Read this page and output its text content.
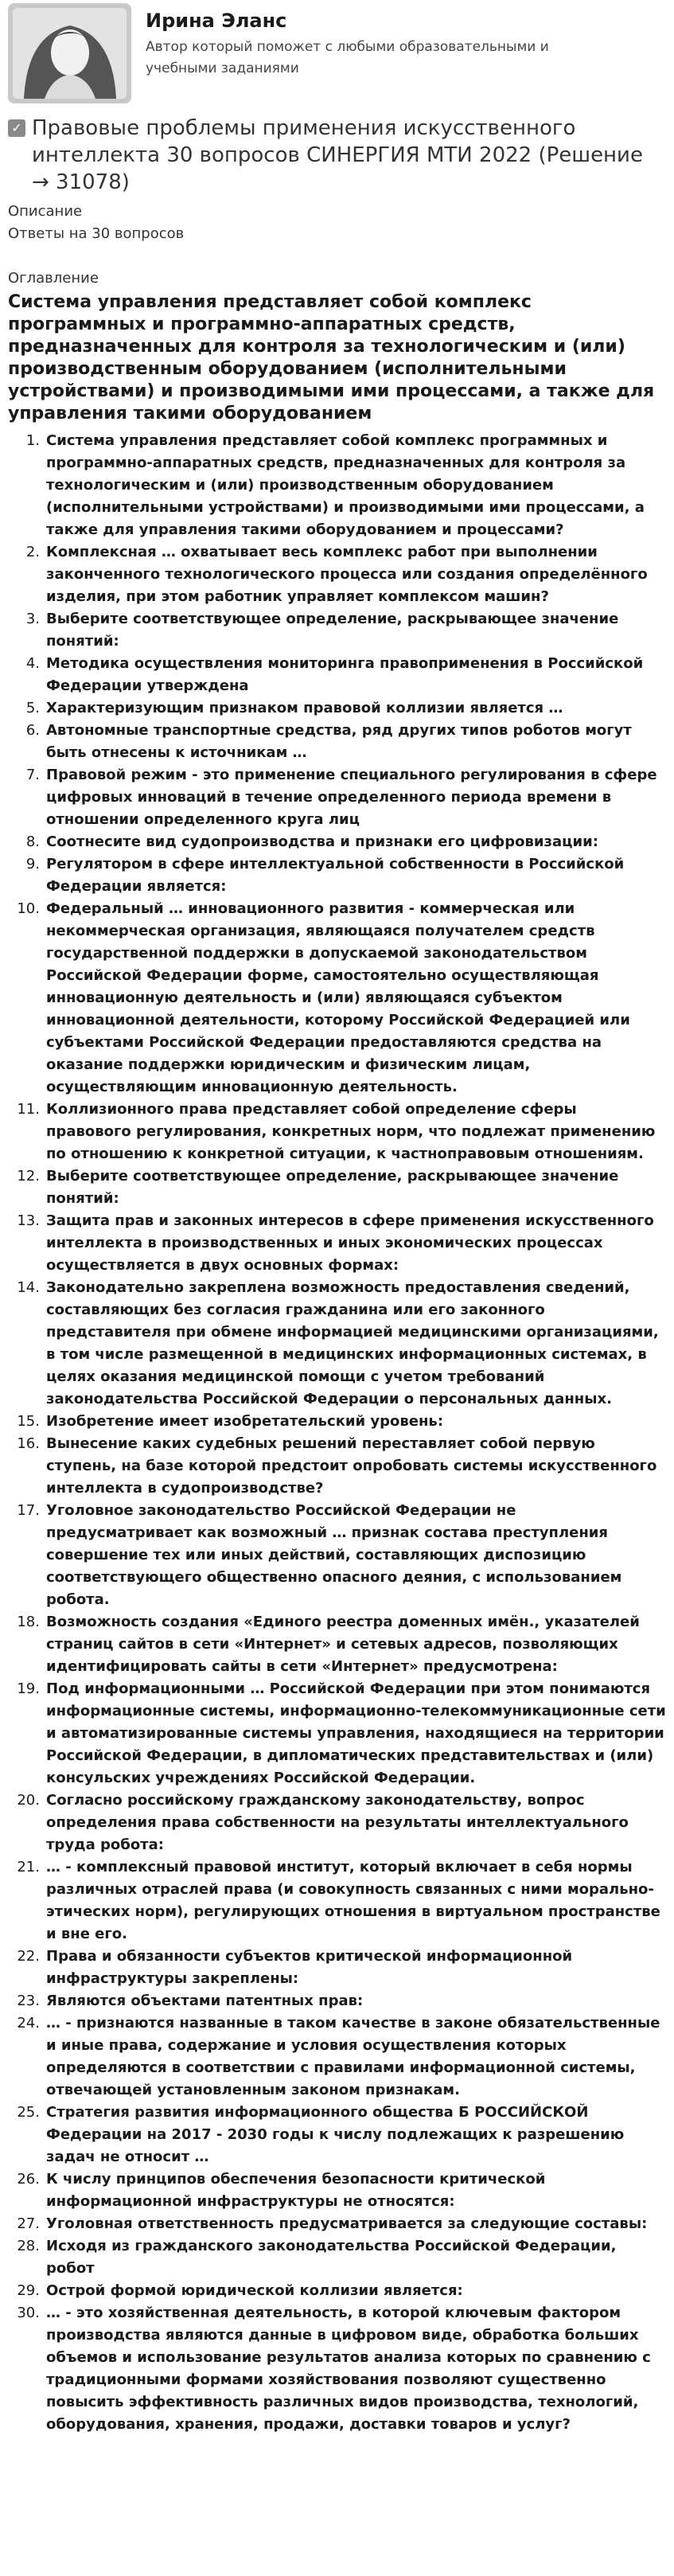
Ирина Эланс
Автор который поможет с любыми образовательными и учебными заданиями
✓ Правовые проблемы применения искусственного интеллекта 30 вопросов СИНЕРГИЯ МТИ 2022 (Решение → 31078)
Описание
Ответы на 30 вопросов
Оглавление
Система управления представляет собой комплекс программных и программно-аппаратных средств, предназначенных для контроля за технологическим и (или) производственным оборудованием (исполнительными устройствами) и производимыми ими процессами, а также для управления такими оборудованием
1. Система управления представляет собой комплекс программных и программно-аппаратных средств, предназначенных для контроля за технологическим и (или) производственным оборудованием (исполнительными устройствами) и производимыми ими процессами, а также для управления такими оборудованием и процессами?
2. Комплексная … охватывает весь комплекс работ при выполнении законченного технологического процесса или создания определённого изделия, при этом работник управляет комплексом машин?
3. Выберите соответствующее определение, раскрывающее значение понятий:
4. Методика осуществления мониторинга правоприменения в Российской Федерации утверждена
5. Характеризующим признаком правовой коллизии является …
6. Автономные транспортные средства, ряд других типов роботов могут быть отнесены к источникам …
7. Правовой режим - это применение специального регулирования в сфере цифровых инноваций в течение определенного периода времени в отношении определенного круга лиц
8. Соотнесите вид судопроизводства и признаки его цифровизации:
9. Регулятором в сфере интеллектуальной собственности в Российской Федерации является:
10. Федеральный … инновационного развития - коммерческая или некоммерческая организация, являющаяся получателем средств государственной поддержки в допускаемой законодательством Российской Федерации форме, самостоятельно осуществляющая инновационную деятельность и (или) являющаяся субъектом инновационной деятельности, которому Российской Федерацией или субъектами Российской Федерации предоставляются средства на оказание поддержки юридическим и физическим лицам, осуществляющим инновационную деятельность.
11. Коллизионного права представляет собой определение сферы правового регулирования, конкретных норм, что подлежат применению по отношению к конкретной ситуации, к частноправовым отношениям.
12. Выберите соответствующее определение, раскрывающее значение понятий:
13. Защита прав и законных интересов в сфере применения искусственного интеллекта в производственных и иных экономических процессах осуществляется в двух основных формах:
14. Законодательно закреплена возможность предоставления сведений, составляющих без согласия гражданина или его законного представителя при обмене информацией медицинскими организациями, в том числе размещенной в медицинских информационных системах, в целях оказания медицинской помощи с учетом требований законодательства Российской Федерации о персональных данных.
15. Изобретение имеет изобретательский уровень:
16. Вынесение каких судебных решений переставляет собой первую ступень, на базе которой предстоит опробовать системы искусственного интеллекта в судопроизводстве?
17. Уголовное законодательство Российской Федерации не предусматривает как возможный … признак состава преступления совершение тех или иных действий, составляющих диспозицию соответствующего общественно опасного деяния, с использованием робота.
18. Возможность создания «Единого реестра доменных имён., указателей страниц сайтов в сети «Интернет» и сетевых адресов, позволяющих идентифицировать сайты в сети «Интернет» предусмотрена:
19. Под информационными … Российской Федерации при этом понимаются информационные системы, информационно-телекоммуникационные сети и автоматизированные системы управления, находящиеся на территории Российской Федерации, в дипломатических представительствах и (или) консульских учреждениях Российской Федерации.
20. Согласно российскому гражданскому законодательству, вопрос определения права собственности на результаты интеллектуального труда робота:
21. … - комплексный правовой институт, который включает в себя нормы различных отраслей права (и совокупность связанных с ними морально-этических норм), регулирующих отношения в виртуальном пространстве и вне его.
22. Права и обязанности субъектов критической информационной инфраструктуры закреплены:
23. Являются объектами патентных прав:
24. … - признаются названные в таком качестве в законе обязательственные и иные права, содержание и условия осуществления которых определяются в соответствии с правилами информационной системы, отвечающей установленным законом признакам.
25. Стратегия развития информационного общества Б РОССИЙСКОЙ Федерации на 2017 - 2030 годы к числу подлежащих к разрешению задач не относит …
26. К числу принципов обеспечения безопасности критической информационной инфраструктуры не относятся:
27. Уголовная ответственность предусматривается за следующие составы:
28. Исходя из гражданского законодательства Российской Федерации, робот
29. Острой формой юридической коллизии является:
30. … - это хозяйственная деятельность, в которой ключевым фактором производства являются данные в цифровом виде, обработка больших объемов и использование результатов анализа которых по сравнению с традиционными формами хозяйствования позволяют существенно повысить эффективность различных видов производства, технологий, оборудования, хранения, продажи, доставки товаров и услуг?
